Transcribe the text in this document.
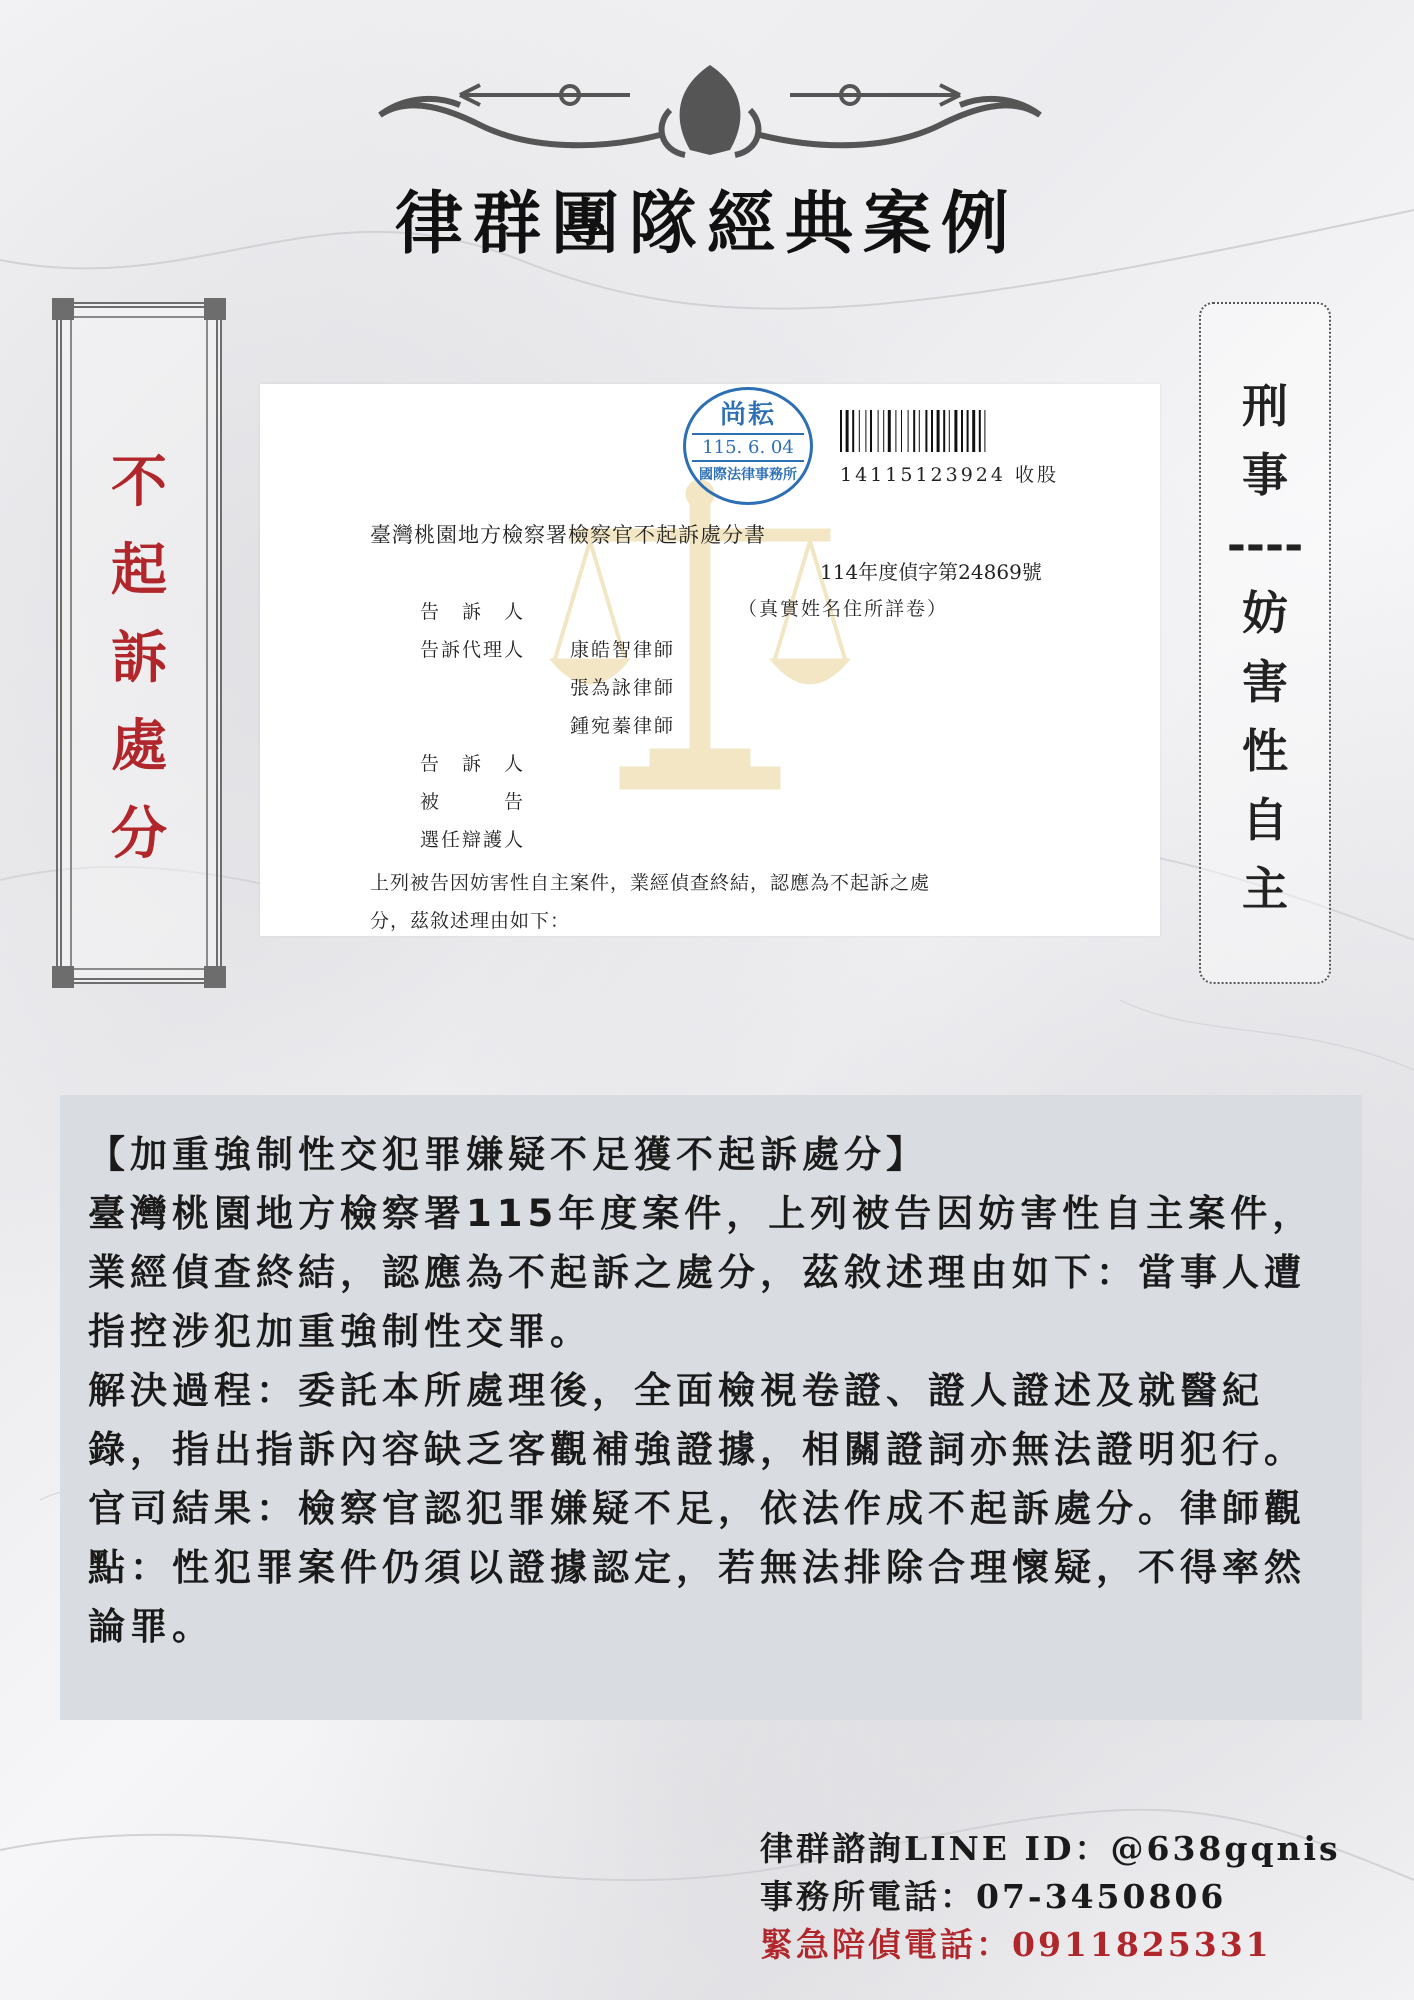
律群團隊經典案例
不
起
訴
處
分
刑
事
----
妨
害
性
自
主
尚耘
115. 6. 04
國際法律事務所	14115123924 收股
臺灣桃園地方檢察署檢察官不起訴處分書
114年度偵字第24869號
（真實姓名住所詳卷）
告　訴　人
告訴代理人 康皓智律師
張為詠律師
鍾宛蓁律師
告　訴　人
被　　　告
選任辯護人
上列被告因妨害性自主案件，業經偵查終結，認應為不起訴之處
分，茲敘述理由如下：

【加重強制性交犯罪嫌疑不足獲不起訴處分】

臺灣桃園地方檢察署115年度案件，上列被告因妨害性自主案件，業經偵查終結，認應為不起訴之處分，茲敘述理由如下：當事人遭指控涉犯加重強制性交罪。

解決過程：委託本所處理後，全面檢視卷證、證人證述及就醫紀錄，指出指訴內容缺乏客觀補強證據，相關證詞亦無法證明犯行。

官司結果：檢察官認犯罪嫌疑不足，依法作成不起訴處分。律師觀點：性犯罪案件仍須以證據認定，若無法排除合理懷疑，不得率然論罪。

律群諮詢LINE ID：@638gqnis
事務所電話：07-3450806
緊急陪偵電話：0911825331
